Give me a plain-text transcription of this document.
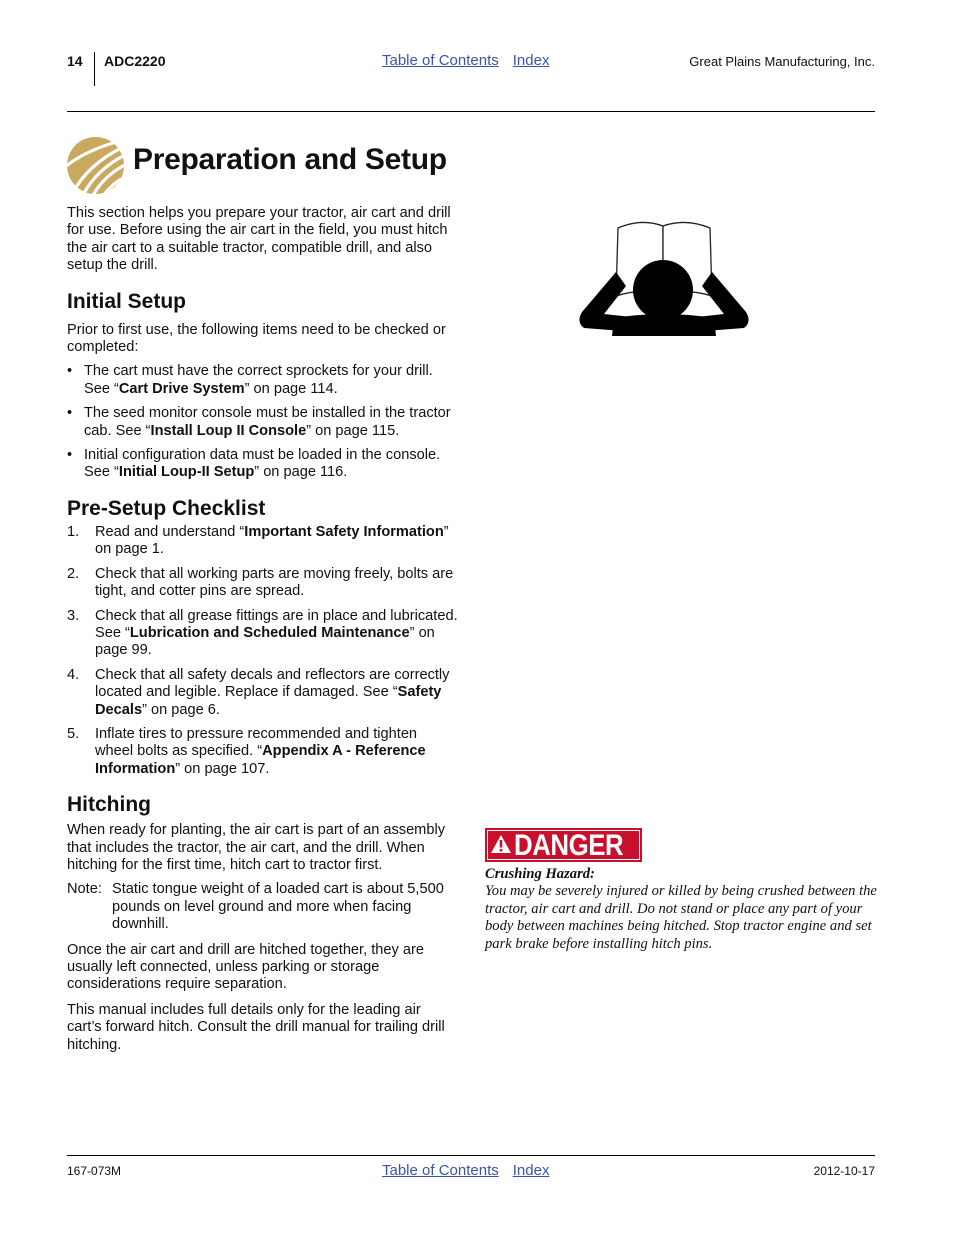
14 ADC2220	Table of Contents Index	Great Plains Manufacturing, Inc.
Preparation and Setup

This section helps you prepare your tractor, air cart and drill for use. Before using the air cart in the field, you must hitch the air cart to a suitable tractor, compatible drill, and also setup the drill.

Initial Setup

Prior to first use, the following items need to be checked or completed:

• The cart must have the correct sprockets for your drill. See “Cart Drive System” on page 114.

• The seed monitor console must be installed in the tractor cab. See “Install Loup II Console” on page 115.

• Initial configuration data must be loaded in the console. See “Initial Loup-II Setup” on page 116.

Pre-Setup Checklist

1. Read and understand “Important Safety Information” on page 1.

2. Check that all working parts are moving freely, bolts are tight, and cotter pins are spread.

3. Check that all grease fittings are in place and lubricated. See “Lubrication and Scheduled Maintenance” on page 99.

4. Check that all safety decals and reflectors are correctly located and legible. Replace if damaged. See “Safety Decals” on page 6.

5. Inflate tires to pressure recommended and tighten wheel bolts as specified. “Appendix A - Reference Information” on page 107.

Hitching

When ready for planting, the air cart is part of an assembly that includes the tractor, the air cart, and the drill. When hitching for the first time, hitch cart to tractor first.

Note: Static tongue weight of a loaded cart is about 5,500 pounds on level ground and more when facing downhill.

Once the air cart and drill are hitched together, they are usually left connected, unless parking or storage considerations require separation.

This manual includes full details only for the leading air cart’s forward hitch. Consult the drill manual for trailing drill hitching.

DANGER
Crushing Hazard:
You may be severely injured or killed by being crushed between the tractor, air cart and drill. Do not stand or place any part of your body between machines being hitched. Stop tractor engine and set park brake before installing hitch pins.
167-073M	Table of Contents Index	2012-10-17
